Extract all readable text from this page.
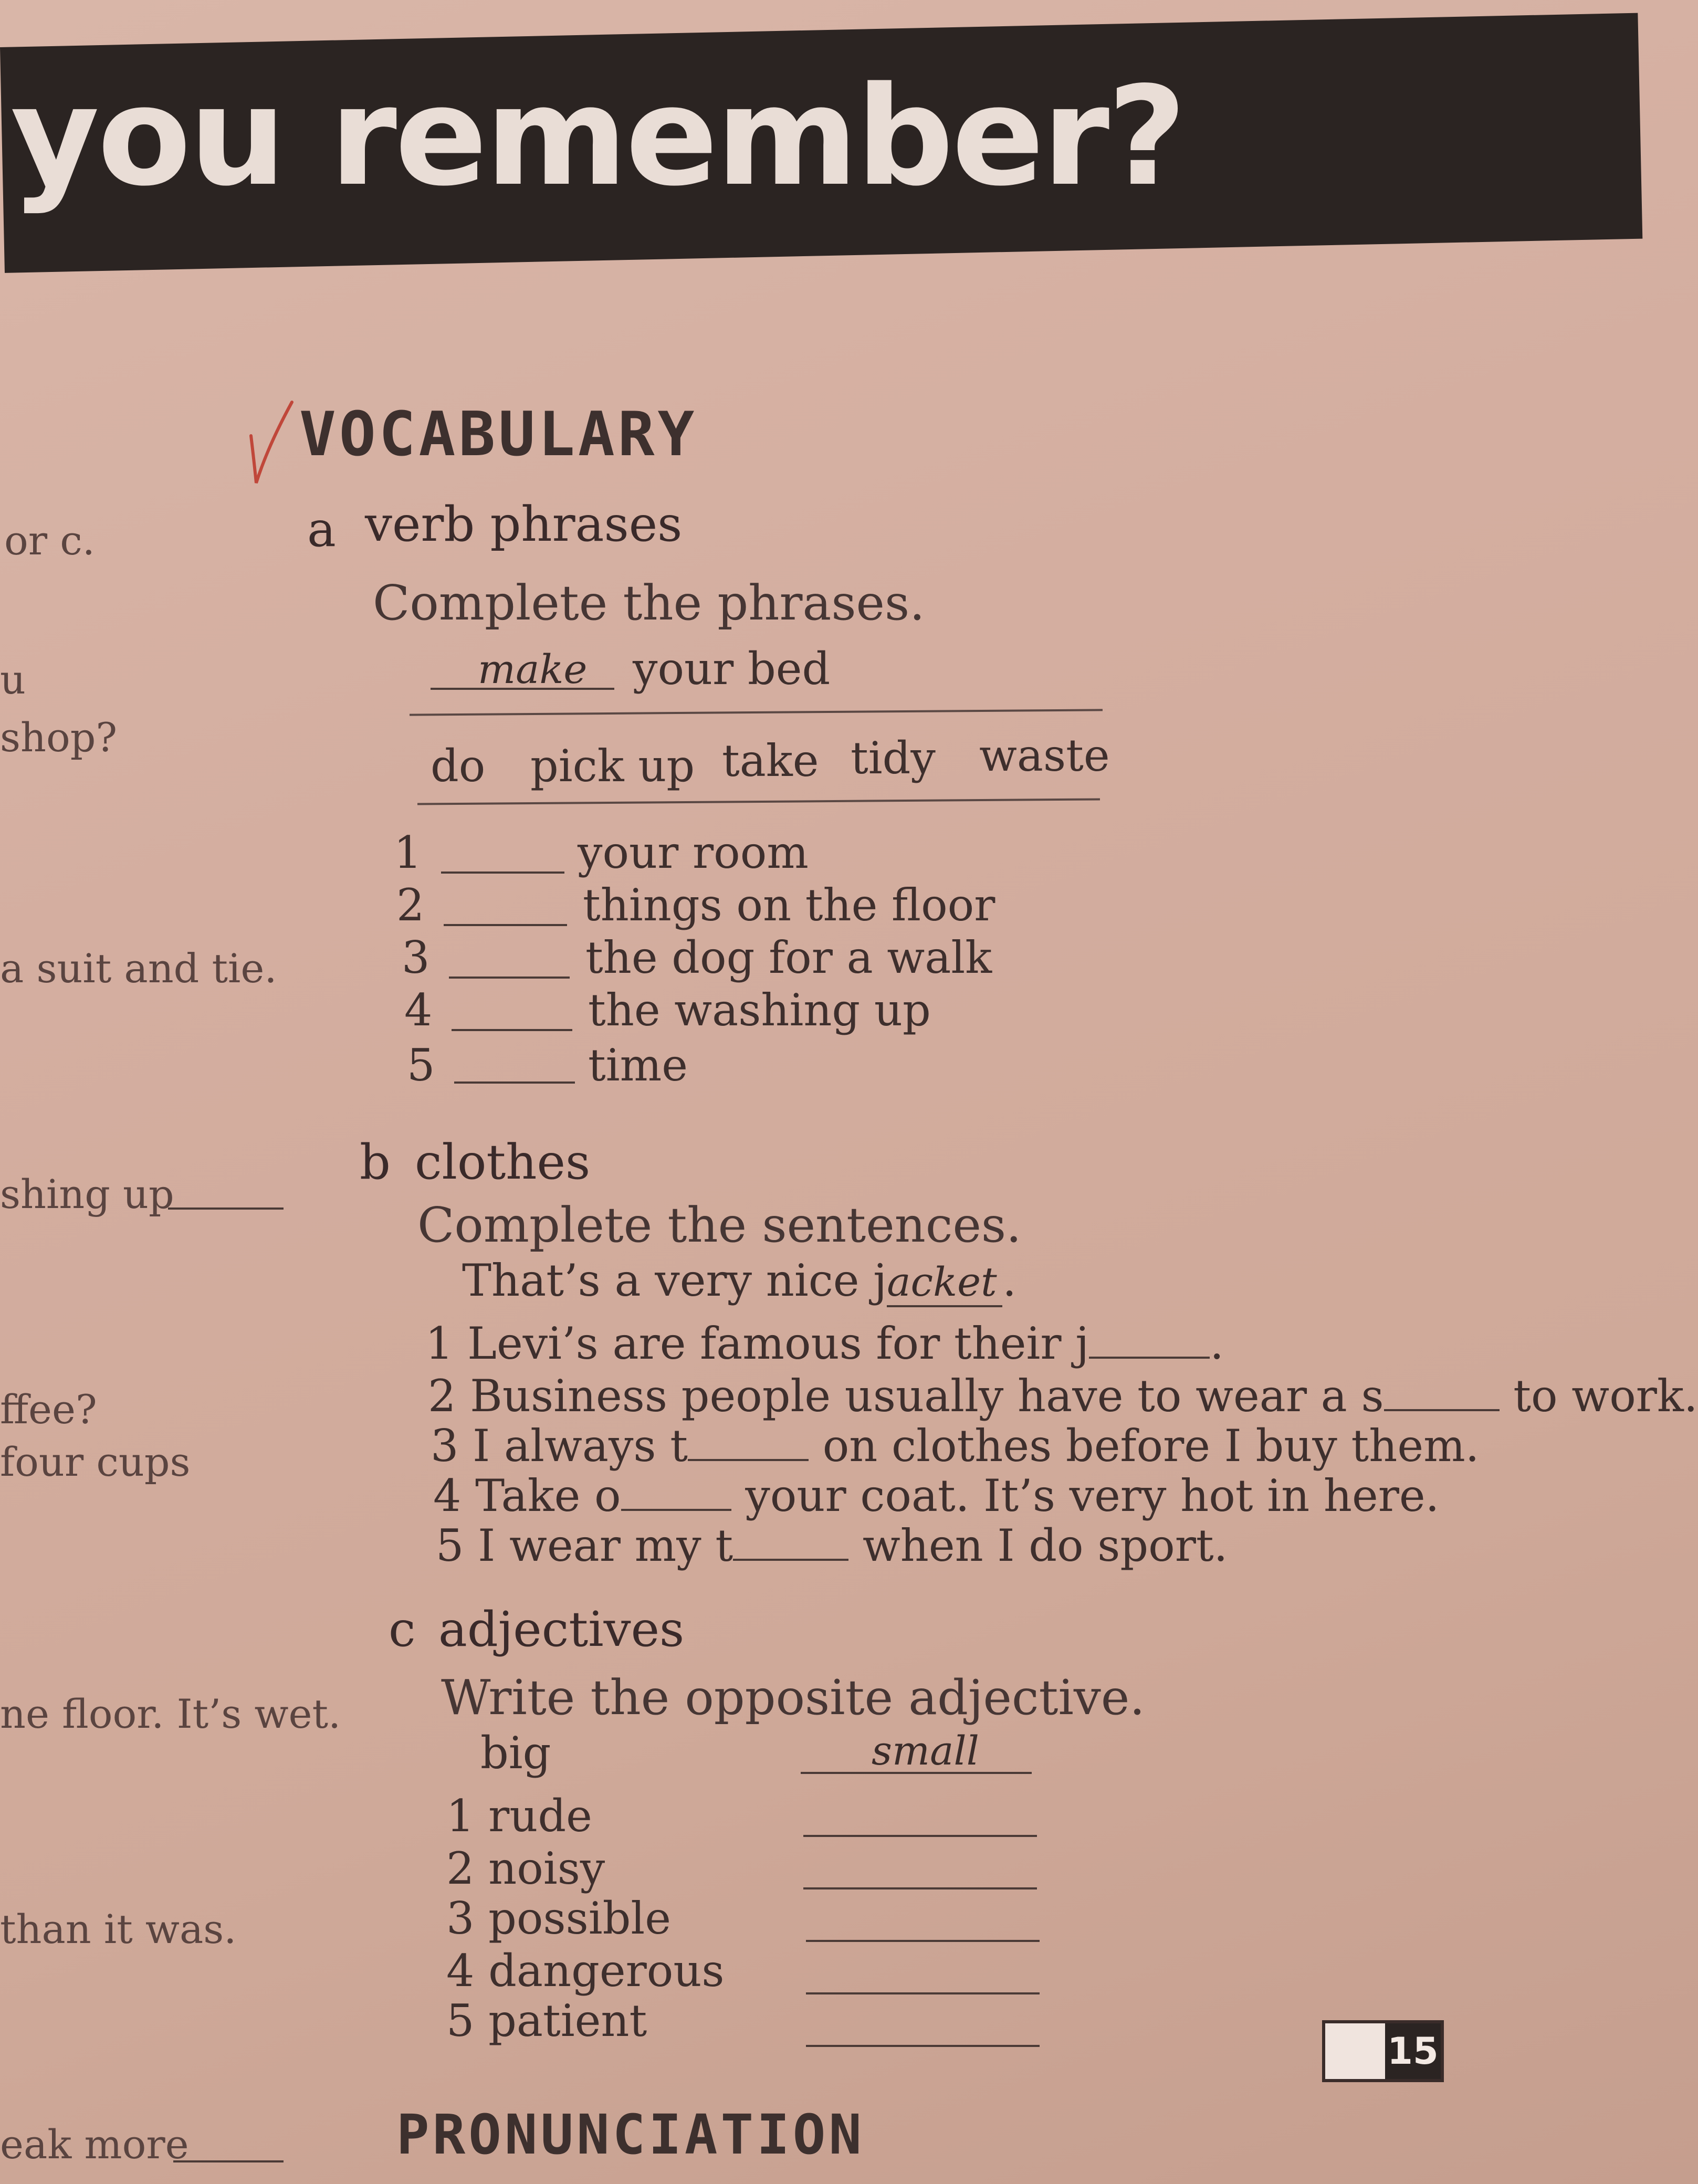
you remember?
or c.
u
shop?
a suit and tie.
shing up
ffee?
four cups
ne floor. It’s wet.
than it was.
eak more
VOCABULARY
a verb phrases
Complete the phrases.
make your bed
do pick up take tidy waste
1	your room
2	things on the floor
3	the dog for a walk
4	the washing up
5	time
b clothes
Complete the sentences.
That’s a very nice jacket .
1 Levi’s are famous for their j	.
2 Business people usually have to wear a s	to work.
3 I always t	on clothes before I buy them.
4 Take o	your coat. It’s very hot in here.
5 I wear my t	when I do sport.
c adjectives
Write the opposite adjective.
big	small
1 rude
2 noisy
3 possible
4 dangerous
5 patient
15
PRONUNCIATION
